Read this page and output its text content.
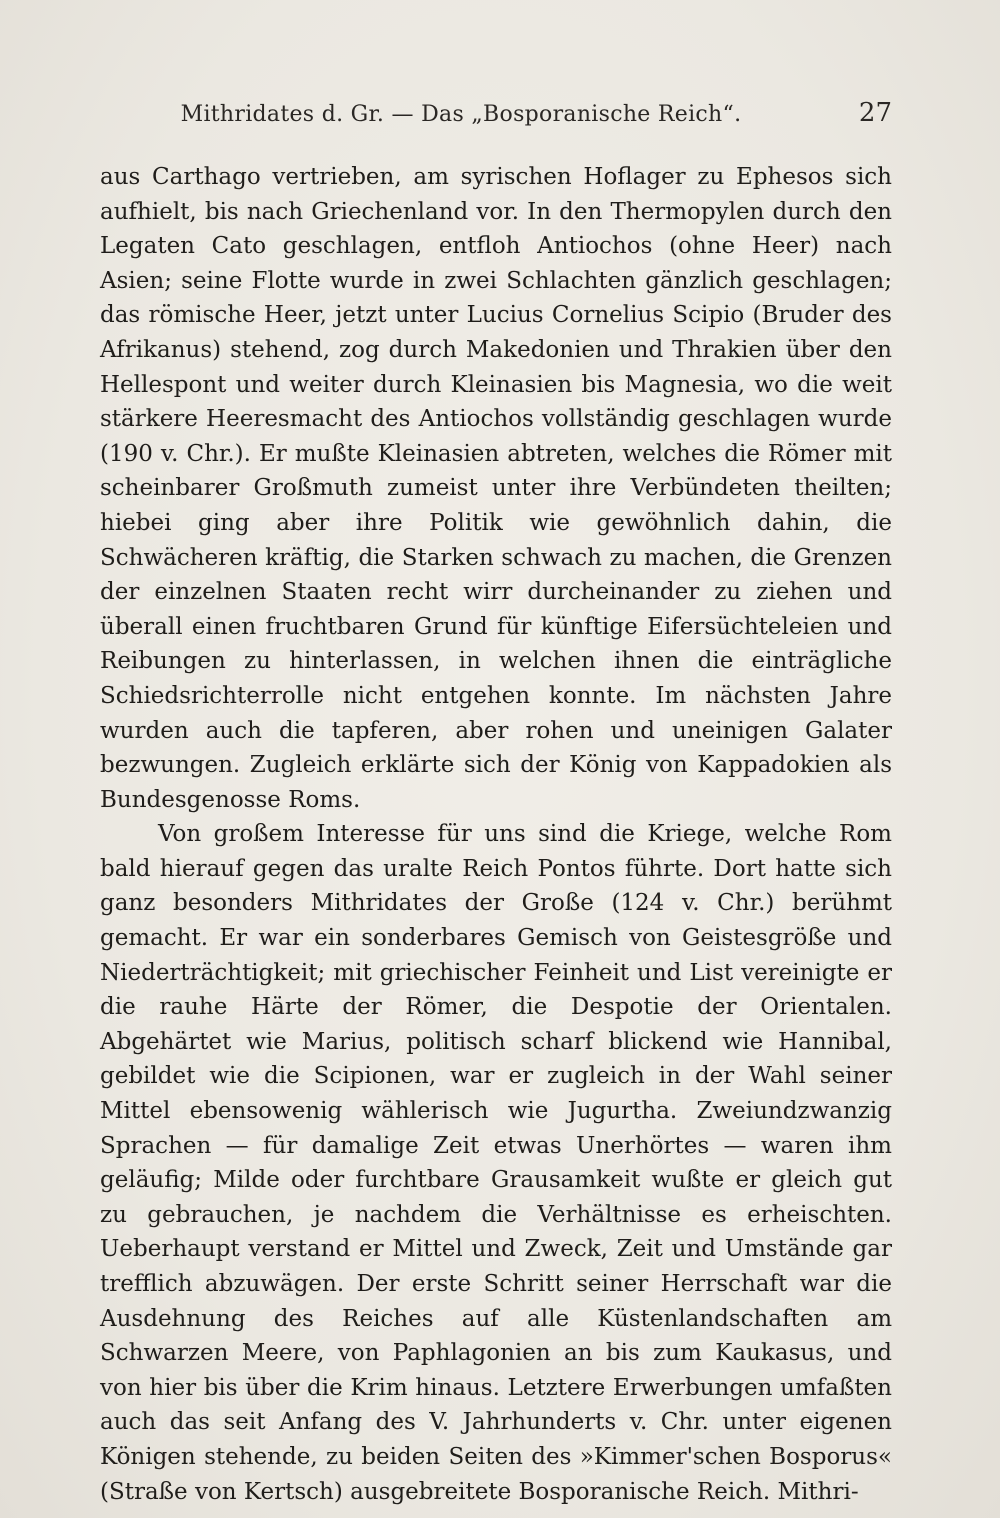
Mithridates d. Gr. — Das „Bosporanische Reich“.	27

aus Carthago vertrieben, am syrischen Hoflager zu Ephesos sich aufhielt, bis nach Griechenland vor. In den Thermopylen durch den Legaten Cato geschlagen, entfloh Antiochos (ohne Heer) nach Asien; seine Flotte wurde in zwei Schlachten gänzlich geschlagen; das römische Heer, jetzt unter Lucius Cornelius Scipio (Bruder des Afrikanus) stehend, zog durch Makedonien und Thrakien über den Hellespont und weiter durch Kleinasien bis Magnesia, wo die weit stärkere Heeresmacht des Antiochos vollständig geschlagen wurde (190 v. Chr.). Er mußte Kleinasien abtreten, welches die Römer mit scheinbarer Großmuth zumeist unter ihre Verbündeten theilten; hiebei ging aber ihre Politik wie gewöhnlich dahin, die Schwächeren kräftig, die Starken schwach zu machen, die Grenzen der einzelnen Staaten recht wirr durcheinander zu ziehen und überall einen fruchtbaren Grund für künftige Eifersüchteleien und Reibungen zu hinterlassen, in welchen ihnen die einträgliche Schiedsrichterrolle nicht entgehen konnte. Im nächsten Jahre wurden auch die tapferen, aber rohen und uneinigen Galater bezwungen. Zugleich erklärte sich der König von Kappadokien als Bundesgenosse Roms.

Von großem Interesse für uns sind die Kriege, welche Rom bald hierauf gegen das uralte Reich Pontos führte. Dort hatte sich ganz besonders Mithridates der Große (124 v. Chr.) berühmt gemacht. Er war ein sonderbares Gemisch von Geistesgröße und Niederträchtigkeit; mit griechischer Feinheit und List vereinigte er die rauhe Härte der Römer, die Despotie der Orientalen. Abgehärtet wie Marius, politisch scharf blickend wie Hannibal, gebildet wie die Scipionen, war er zugleich in der Wahl seiner Mittel ebensowenig wählerisch wie Jugurtha. Zweiundzwanzig Sprachen — für damalige Zeit etwas Unerhörtes — waren ihm geläufig; Milde oder furchtbare Grausamkeit wußte er gleich gut zu gebrauchen, je nachdem die Verhältnisse es erheischten. Ueberhaupt verstand er Mittel und Zweck, Zeit und Umstände gar trefflich abzuwägen. Der erste Schritt seiner Herrschaft war die Ausdehnung des Reiches auf alle Küstenlandschaften am Schwarzen Meere, von Paphlagonien an bis zum Kaukasus, und von hier bis über die Krim hinaus. Letztere Erwerbungen umfaßten auch das seit Anfang des V. Jahrhunderts v. Chr. unter eigenen Königen stehende, zu beiden Seiten des »Kimmer'schen Bosporus« (Straße von Kertsch) ausgebreitete Bosporanische Reich. Mithri-
